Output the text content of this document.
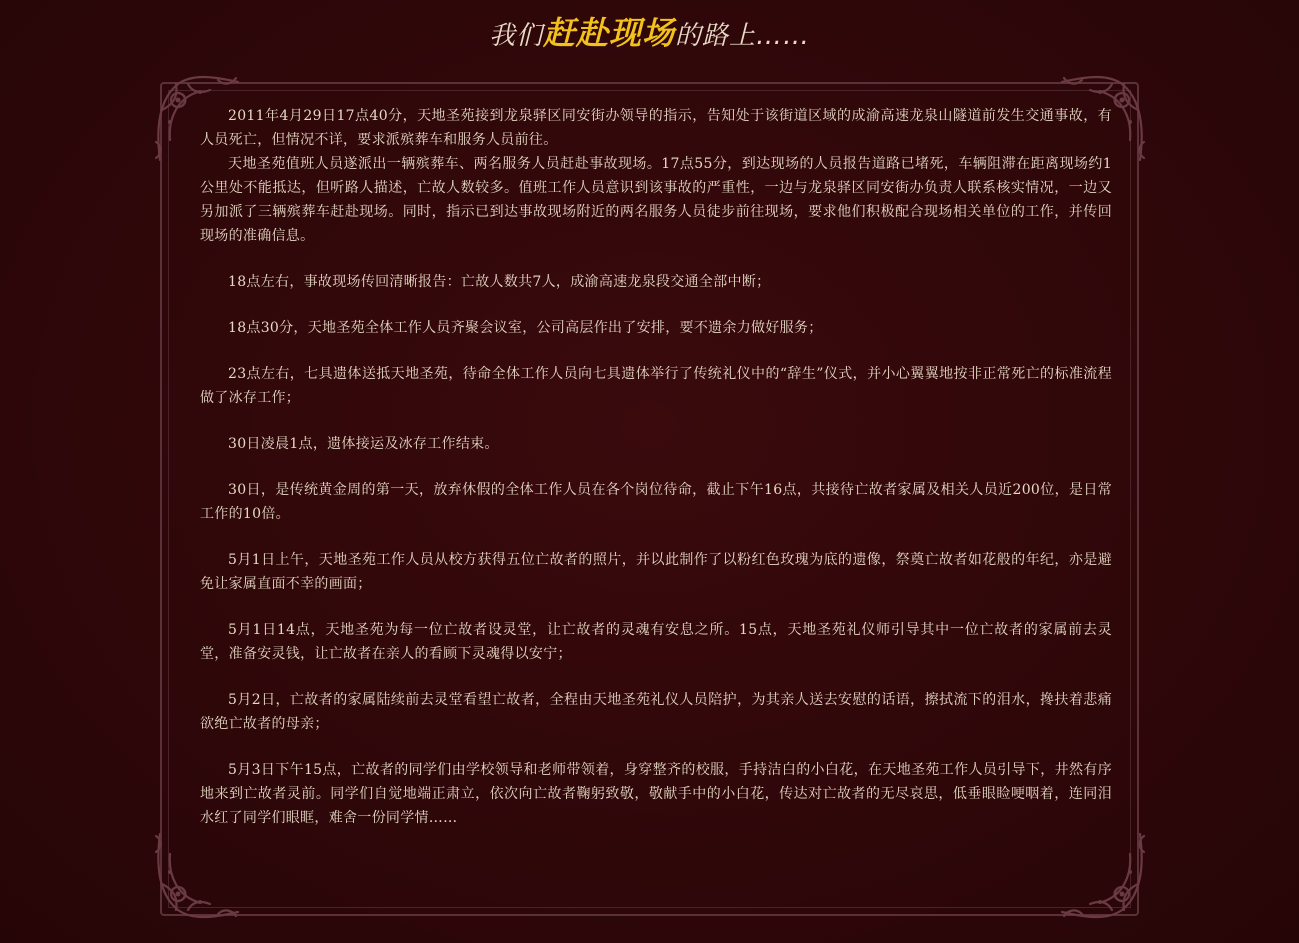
我们赶赴现场的路上……

2011年4月29日17点40分，天地圣苑接到龙泉驿区同安街办领导的指示，告知处于该街道区域的成渝高速龙泉山隧道前发生交通事故，有人员死亡，但情况不详，要求派殡葬车和服务人员前往。

天地圣苑值班人员遂派出一辆殡葬车、两名服务人员赶赴事故现场。17点55分，到达现场的人员报告道路已堵死，车辆阻滞在距离现场约1公里处不能抵达，但听路人描述，亡故人数较多。值班工作人员意识到该事故的严重性，一边与龙泉驿区同安街办负责人联系核实情况，一边又另加派了三辆殡葬车赶赴现场。同时，指示已到达事故现场附近的两名服务人员徒步前往现场，要求他们积极配合现场相关单位的工作，并传回现场的准确信息。

18点左右，事故现场传回清晰报告：亡故人数共7人，成渝高速龙泉段交通全部中断；

18点30分，天地圣苑全体工作人员齐聚会议室，公司高层作出了安排，要不遗余力做好服务；

23点左右，七具遗体送抵天地圣苑，待命全体工作人员向七具遗体举行了传统礼仪中的“辞生”仪式，并小心翼翼地按非正常死亡的标准流程做了冰存工作；

30日凌晨1点，遗体接运及冰存工作结束。

30日，是传统黄金周的第一天，放弃休假的全体工作人员在各个岗位待命，截止下午16点，共接待亡故者家属及相关人员近200位，是日常工作的10倍。

5月1日上午，天地圣苑工作人员从校方获得五位亡故者的照片，并以此制作了以粉红色玫瑰为底的遗像，祭奠亡故者如花般的年纪，亦是避免让家属直面不幸的画面；

5月1日14点，天地圣苑为每一位亡故者设灵堂，让亡故者的灵魂有安息之所。15点，天地圣苑礼仪师引导其中一位亡故者的家属前去灵堂，准备安灵钱，让亡故者在亲人的看顾下灵魂得以安宁；

5月2日，亡故者的家属陆续前去灵堂看望亡故者，全程由天地圣苑礼仪人员陪护，为其亲人送去安慰的话语，擦拭流下的泪水，搀扶着悲痛欲绝亡故者的母亲；

5月3日下午15点，亡故者的同学们由学校领导和老师带领着，身穿整齐的校服，手持洁白的小白花，在天地圣苑工作人员引导下，井然有序地来到亡故者灵前。同学们自觉地端正肃立，依次向亡故者鞠躬致敬，敬献手中的小白花，传达对亡故者的无尽哀思，低垂眼睑哽咽着，连同泪水红了同学们眼眶，难舍一份同学情……
